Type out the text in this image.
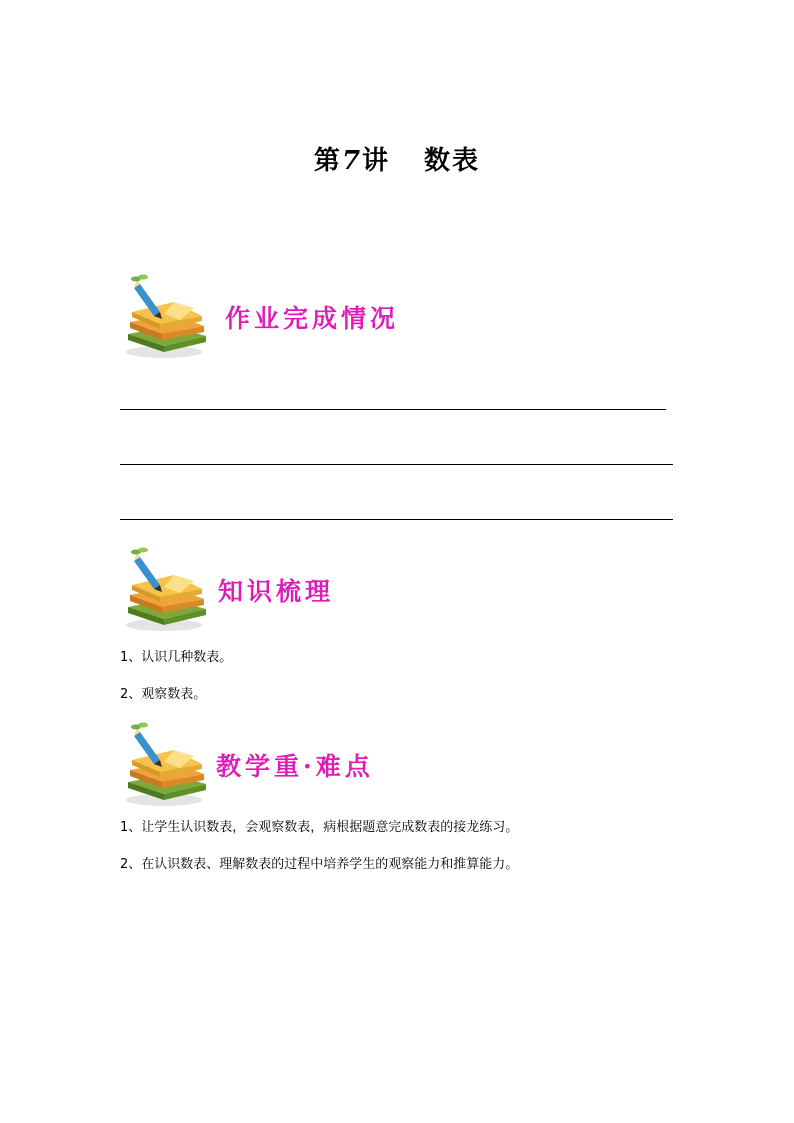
第7讲 数表
作业完成情况
知识梳理
1、认识几种数表。
2、观察数表。
教学重·难点
1、让学生认识数表，会观察数表，病根据题意完成数表的接龙练习。
2、在认识数表、理解数表的过程中培养学生的观察能力和推算能力。
